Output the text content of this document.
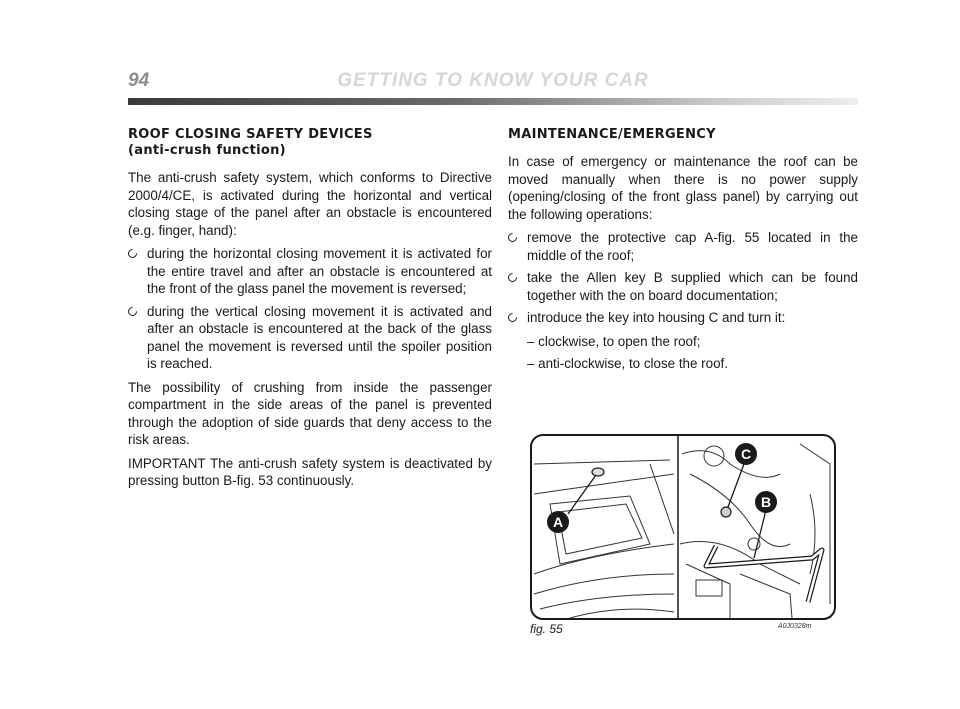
94	GETTING TO KNOW YOUR CAR
ROOF CLOSING SAFETY DEVICES
(anti-crush function)

The anti-crush safety system, which conforms to Directive 2000/4/CE, is activated during the horizontal and vertical closing stage of the panel after an obstacle is encountered (e.g. finger, hand):

during the horizontal closing movement it is activated for the entire travel and after an obstacle is encountered at the front of the glass panel the movement is reversed;
during the vertical closing movement it is activated and after an obstacle is encountered at the back of the glass panel the movement is reversed until the spoiler position is reached.

The possibility of crushing from inside the passenger compartment in the side areas of the panel is prevented through the adoption of side guards that deny access to the risk areas.

IMPORTANT The anti-crush safety system is deactivated by pressing button B-fig. 53 continuously.

MAINTENANCE/EMERGENCY

In case of emergency or maintenance the roof can be moved manually when there is no power supply (opening/closing of the front glass panel) by carrying out the following operations:

remove the protective cap A-fig. 55 located in the middle of the roof;
take the Allen key B supplied which can be found together with the on board documentation;
introduce the key into housing C and turn it:
– clockwise, to open the roof;
– anti-clockwise, to close the roof.
A
B
C
fig. 55	A0J0328m
